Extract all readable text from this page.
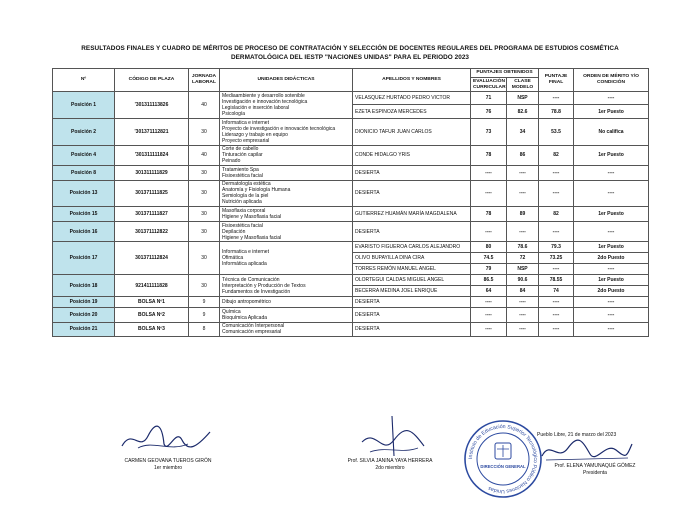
RESULTADOS FINALES Y CUADRO DE MÉRITOS DE PROCESO DE CONTRATACIÓN Y SELECCIÓN DE DOCENTES REGULARES DEL PROGRAMA DE ESTUDIOS COSMÉTICA
DERMATOLÓGICA DEL IESTP "NACIONES UNIDAS" PARA EL PERIODO 2023
Nº	CÓDIGO DE PLAZA	JORNADA LABORAL	UNIDADES DIDÁCTICAS	APELLIDOS Y NOMBRES	PUNTAJES OBTENIDOS		PUNTAJE FINAL	ORDEN DE MÉRITO Y/O CONDICIÓN
					EVALUACIÓN CURRICULAR	CLASE MODELO		
Posición 1	'301311113826	40	Mediaambiente y desarrollo sotenible
Investigación e innovación tecnológica
Legislación e inserción laboral
Psicología	VELASQUEZ HURTADO PEDRO VICTOR	71	NSP	----	----
				EZETA ESPINOZA MERCEDES	76	82.6	78.8	1er Puesto
Posición 2	'301371112821	30	Informatica e internet
Proyecto de investigación e innovación tecnológica
Liderazgo y trabajo en equipo
Proyecto empresarial	DIONICIO TAFUR JUAN CARLOS	73	34	53.5	No califica
Posición 4	'301311111824	40	Corte de cabello
Tinturación capilar
Peinado	CONDE HIDALGO YRIS	78	86	82	1er Puesto
Posición 8	301311111829	30	Tratamiento Spa
Fisioestética facial	DESIERTA	----	----	----	----
Posición 13	301371111825	30	Dermatología estética
Anatomía y Fisiología Humana
Semiología de la piel
Nutrición aplicada	DESIERTA	----	----	----	----
Posición 15	301371111827	30	Masoflaxia corporal
Higiene y Masoflaxia facial	GUTIERREZ HUAMÁN MARÍA MAGDALENA	78	89	82	1er Puesto
Posición 16	301371112822	30	Fisioestética facial
Depilación
Higiene y Masoflaxia facial	DESIERTA	----	----	----	----
Posición 17	301371112824	30	Informatica e internet
Ofimática
Informática aplicada	EVARISTO FIGUEROA CARLOS ALEJANDRO	80	78.6	79.3	1er Puesto
				OLIVO BUPAYILLA DINA CIRA	74.5	72	73.25	2do Puesto
				TORRES REMÓN MANUEL ANGEL	79	NSP	----	----
Posición 18	921411111828	30	Técnica de Comunicación
Interpretación y Producción de Textos
Fundamentos de Investigación	OLORTEGUI CALDAS MIGUEL ANGEL	86.5	90.6	78.55	1er Puesto
				BECERRA MEDINA JOEL ENRIQUE	64	84	74	2do Puesto
Posición 19	BOLSA Nº1	9	Dibujo antropométrico	DESIERTA	----	----	----	----
Posición 20	BOLSA Nº2	9	Química
Bioquímica Aplicada	DESIERTA	----	----	----	----
Posición 21	BOLSA Nº3	8	Comunicación Interpersonal
Comunicación empresarial	DESIERTA	----	----	----	----
CARMEN GEOVANA TUEROS GIRÓN
1er miembro
Prof. SILVIA JANINA YAYA HERRERA
2do miembro
Instituto de Educación Superior Tecnológico Público Naciones Unidas
DIRECCIÓN GENERAL
Pueblo Libre, 21 de marzo del 2023
Prof. ELENA YAMUNAQUÉ GÓMEZ
Presidenta
